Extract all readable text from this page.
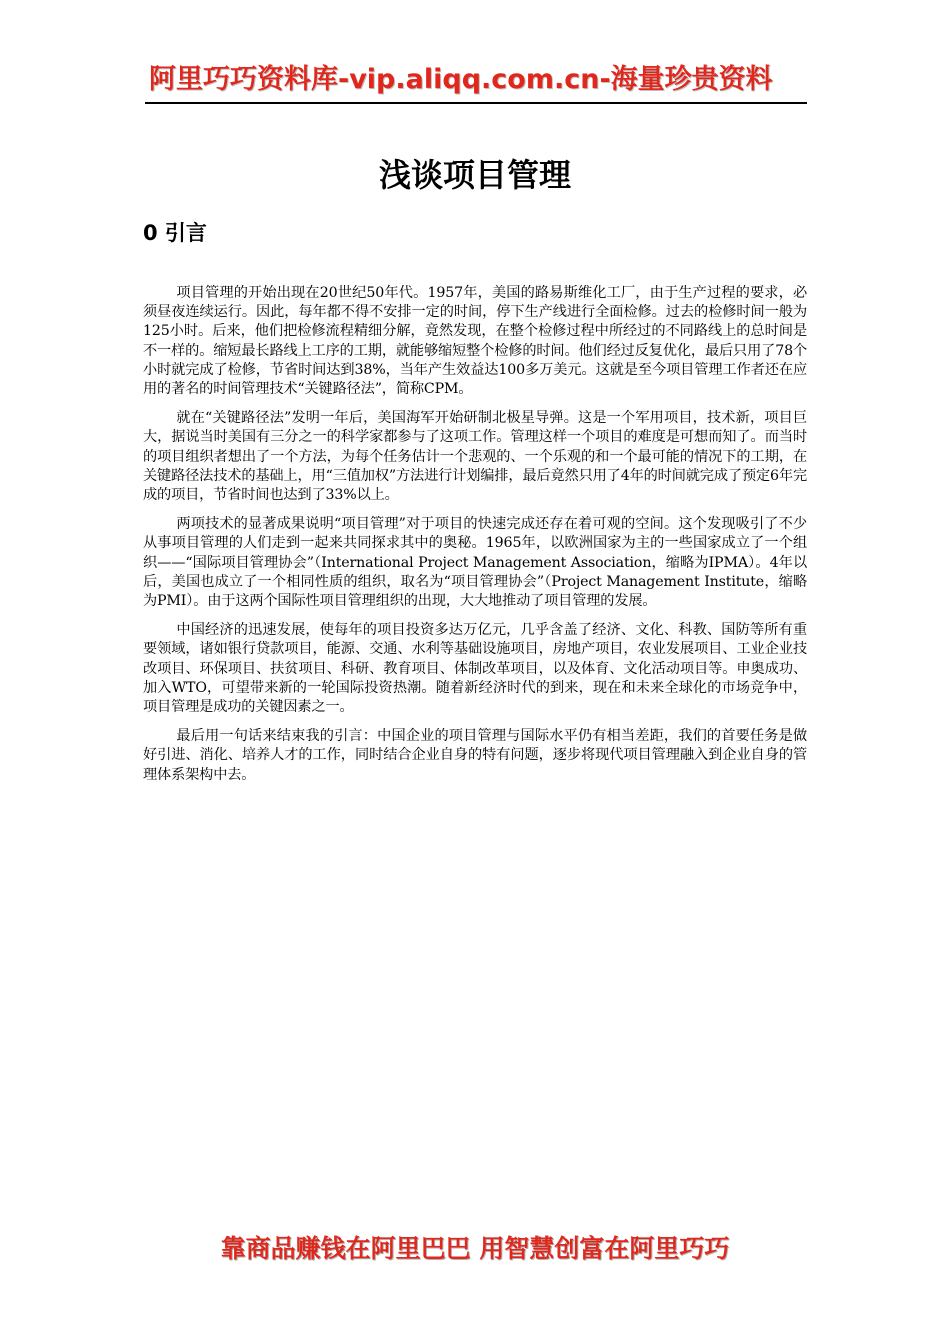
阿里巧巧资料库-vip.aliqq.com.cn-海量珍贵资料
浅谈项目管理
0 引言

项目管理的开始出现在20世纪50年代。1957年，美国的路易斯维化工厂，由于生产过程的要求，必须昼夜连续运行。因此，每年都不得不安排一定的时间，停下生产线进行全面检修。过去的检修时间一般为125小时。后来，他们把检修流程精细分解，竟然发现，在整个检修过程中所经过的不同路线上的总时间是不一样的。缩短最长路线上工序的工期，就能够缩短整个检修的时间。他们经过反复优化，最后只用了78个小时就完成了检修，节省时间达到38%，当年产生效益达100多万美元。这就是至今项目管理工作者还在应用的著名的时间管理技术“关键路径法”，简称CPM。

就在“关键路径法”发明一年后，美国海军开始研制北极星导弹。这是一个军用项目，技术新，项目巨大，据说当时美国有三分之一的科学家都参与了这项工作。管理这样一个项目的难度是可想而知了。而当时的项目组织者想出了一个方法，为每个任务估计一个悲观的、一个乐观的和一个最可能的情况下的工期，在关键路径法技术的基础上，用“三值加权”方法进行计划编排，最后竟然只用了4年的时间就完成了预定6年完成的项目，节省时间也达到了33%以上。

两项技术的显著成果说明“项目管理”对于项目的快速完成还存在着可观的空间。这个发现吸引了不少从事项目管理的人们走到一起来共同探求其中的奥秘。1965年，以欧洲国家为主的一些国家成立了一个组织——“国际项目管理协会”（International Project Management Association，缩略为IPMA）。4年以后，美国也成立了一个相同性质的组织，取名为“项目管理协会”（Project Management Institute，缩略为PMI）。由于这两个国际性项目管理组织的出现，大大地推动了项目管理的发展。

中国经济的迅速发展，使每年的项目投资多达万亿元，几乎含盖了经济、文化、科教、国防等所有重要领域，诸如银行贷款项目，能源、交通、水利等基础设施项目，房地产项目，农业发展项目、工业企业技改项目、环保项目、扶贫项目、科研、教育项目、体制改革项目，以及体育、文化活动项目等。申奥成功、加入WTO，可望带来新的一轮国际投资热潮。随着新经济时代的到来，现在和未来全球化的市场竞争中，项目管理是成功的关键因素之一。

最后用一句话来结束我的引言：中国企业的项目管理与国际水平仍有相当差距，我们的首要任务是做好引进、消化、培养人才的工作，同时结合企业自身的特有问题，逐步将现代项目管理融入到企业自身的管理体系架构中去。

靠商品赚钱在阿里巴巴 用智慧创富在阿里巧巧
